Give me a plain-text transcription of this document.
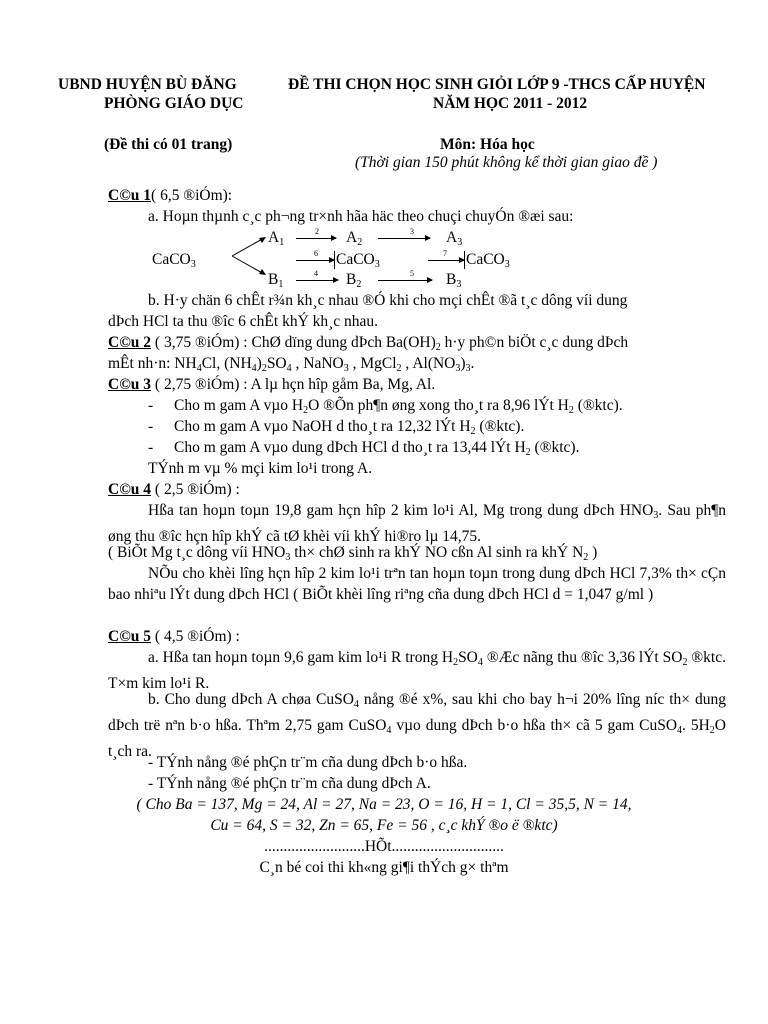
UBND HUYỆN BÙ ĐĂNG
PHÒNG GIÁO DỤC
ĐỀ THI CHỌN HỌC SINH GIỎI LỚP 9 -THCS CẤP HUYỆN
NĂM HỌC 2011 - 2012
(Đề thi có 01 trang)	Môn: Hóa học
(Thời gian 150 phút không kể thời gian giao đề )
C©u 1( 6,5 ®iÓm):
a. Hoµn thµnh c¸c ph¬ng tr×nh hãa häc theo chuçi chuyÓn ®æi sau:
CaCO$_3$
$A_1$
2 $A_2$
3 $A_3$
6 CaCO$_3$
7 CaCO$_3$
$B_1$
4 $B_2$
5 $B_3$
b. H·y chän 6 chÊt r¾n kh¸c nhau ®Ó khi cho mçi chÊt ®ã t¸c dông víi dung
dÞch HCl ta thu ®îc 6 chÊt khÝ kh¸c nhau.
C©u 2 ( 3,75 ®iÓm) : ChØ dïng dung dÞch $Ba(OH)_2$ h·y ph©n biÖt c¸c dung dÞch
mÊt nh·n: $NH_4Cl$, $(NH_4)_2SO_4$ , NaNO$_3$ , MgCl$_2$ , $Al(NO_3)_3$.
C©u 3 ( 2,75 ®iÓm) : A lµ hçn hîp gåm Ba, Mg, Al.
- Cho m gam A vµo $H_2O$ ®Õn ph¶n øng xong tho¸t ra 8,96 lÝt $H_2$ (®ktc).
- Cho m gam A vµo NaOH d tho¸t ra 12,32 lÝt $H_2$ (®ktc).
- Cho m gam A vµo dung dÞch HCl d tho¸t ra 13,44 lÝt $H_2$ (®ktc).
TÝnh m vµ % mçi kim lo¹i trong A.
C©u 4 ( 2,5 ®iÓm) :
Hßa tan hoµn toµn 19,8 gam hçn hîp 2 kim lo¹i Al, Mg trong dung dÞch $HNO_3$. Sau ph¶n øng thu ®îc hçn hîp khÝ cã tØ khèi víi khÝ hi®ro lµ 14,75.
( BiÕt Mg t¸c dông víi $HNO_3$ th× chØ sinh ra khÝ NO cßn Al sinh ra khÝ $N_2$ )
NÕu cho khèi lîng hçn hîp 2 kim lo¹i trªn tan hoµn toµn trong dung dÞch HCl 7,3% th× cÇn bao nhiªu lÝt dung dÞch HCl ( BiÕt khèi lîng riªng cña dung dÞch HCl d = 1,047 g/ml )
C©u 5 ( 4,5 ®iÓm) :
a. Hßa tan hoµn toµn 9,6 gam kim lo¹i R trong $H_2SO_4$ ®Æc nãng thu ®îc 3,36 lÝt $SO_2$ ®ktc. T×m kim lo¹i R.
b. Cho dung dÞch A chøa CuSO$_4$ nång ®é x%, sau khi cho bay h¬i 20% lîng níc th× dung dÞch trë nªn b·o hßa. Thªm 2,75 gam CuSO$_4$ vµo dung dÞch b·o hßa th× cã 5 gam CuSO$_4$. $5H_2O$ t¸ch ra.
- TÝnh nång ®é phÇn tr¨m cña dung dÞch b·o hßa.
- TÝnh nång ®é phÇn tr¨m cña dung dÞch A.
( Cho Ba = 137, Mg = 24, Al = 27, Na = 23, O = 16, H = 1, Cl = 35,5, N = 14,
Cu = 64, S = 32, Zn = 65, Fe = 56 , c¸c khÝ ®o ë ®ktc)
..........................HÕt.............................
C¸n bé coi thi kh«ng gi¶i thÝch g× thªm
